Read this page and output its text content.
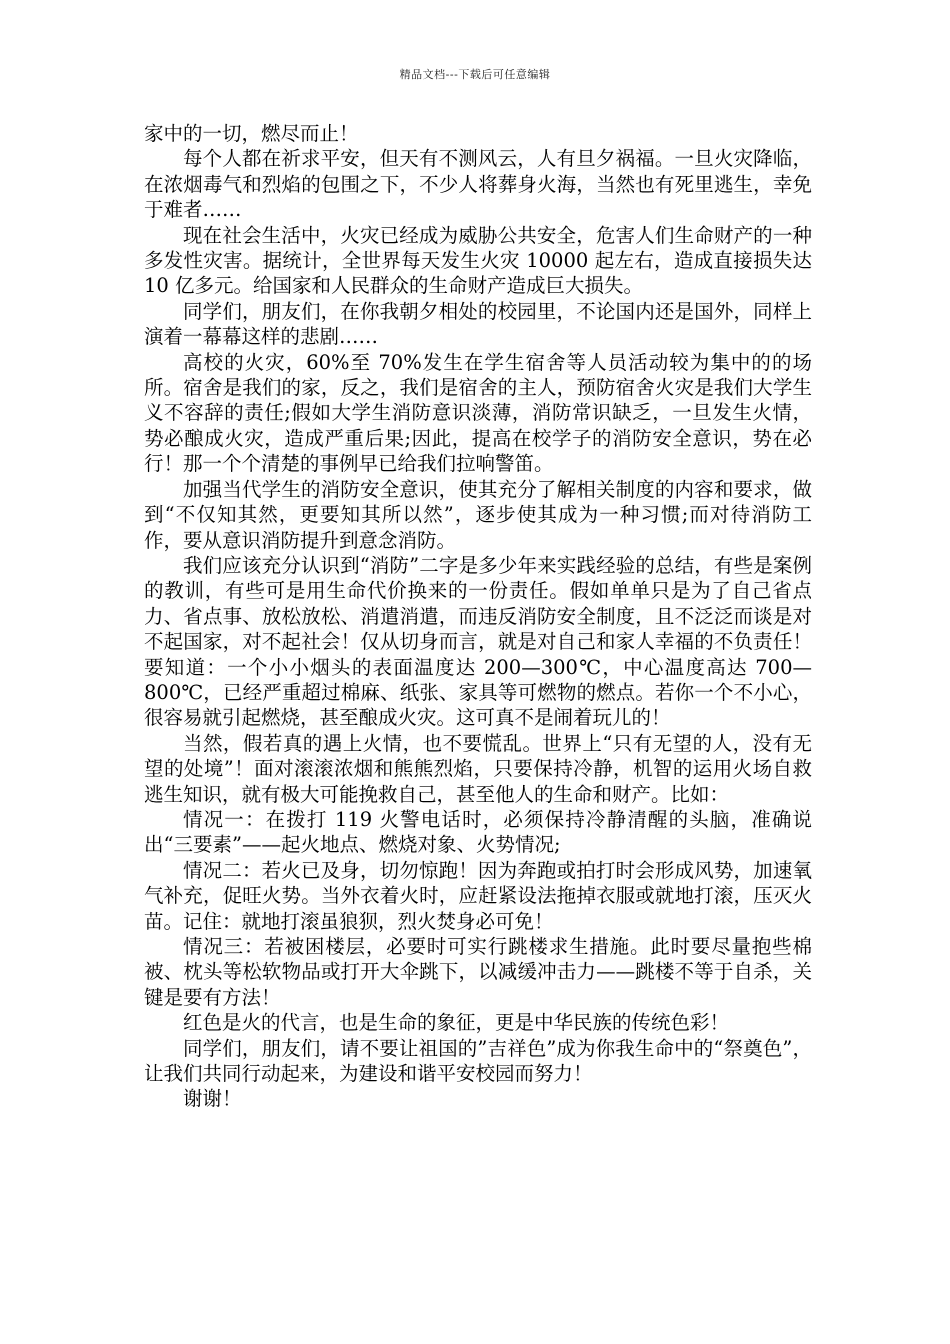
精品文档---下载后可任意编辑

家中的一切，燃尽而止！

每个人都在祈求平安，但天有不测风云，人有旦夕祸福。一旦火灾降临，在浓烟毒气和烈焰的包围之下，不少人将葬身火海，当然也有死里逃生，幸免于难者……

现在社会生活中，火灾已经成为威胁公共安全，危害人们生命财产的一种多发性灾害。据统计，全世界每天发生火灾 10000 起左右，造成直接损失达 10 亿多元。给国家和人民群众的生命财产造成巨大损失。

同学们，朋友们，在你我朝夕相处的校园里，不论国内还是国外，同样上演着一幕幕这样的悲剧……

高校的火灾，60%至 70%发生在学生宿舍等人员活动较为集中的的场所。宿舍是我们的家，反之，我们是宿舍的主人，预防宿舍火灾是我们大学生义不容辞的责任;假如大学生消防意识淡薄，消防常识缺乏，一旦发生火情，势必酿成火灾，造成严重后果;因此，提高在校学子的消防安全意识，势在必行！那一个个清楚的事例早已给我们拉响警笛。

加强当代学生的消防安全意识，使其充分了解相关制度的内容和要求，做到“不仅知其然，更要知其所以然”，逐步使其成为一种习惯;而对待消防工作，要从意识消防提升到意念消防。

我们应该充分认识到“消防”二字是多少年来实践经验的总结，有些是案例的教训，有些可是用生命代价换来的一份责任。假如单单只是为了自己省点力、省点事、放松放松、消遣消遣，而违反消防安全制度，且不泛泛而谈是对不起国家，对不起社会！仅从切身而言，就是对自己和家人幸福的不负责任！要知道：一个小小烟头的表面温度达 200—300℃，中心温度高达 700—800℃，已经严重超过棉麻、纸张、家具等可燃物的燃点。若你一个不小心，很容易就引起燃烧，甚至酿成火灾。这可真不是闹着玩儿的！

当然，假若真的遇上火情，也不要慌乱。世界上“只有无望的人，没有无望的处境”！面对滚滚浓烟和熊熊烈焰，只要保持冷静，机智的运用火场自救逃生知识，就有极大可能挽救自己，甚至他人的生命和财产。比如：

情况一：在拨打 119 火警电话时，必须保持冷静清醒的头脑，准确说出“三要素”——起火地点、燃烧对象、火势情况;

情况二：若火已及身，切勿惊跑！因为奔跑或拍打时会形成风势，加速氧气补充，促旺火势。当外衣着火时，应赶紧设法拖掉衣服或就地打滚，压灭火苗。记住：就地打滚虽狼狈，烈火焚身必可免！

情况三：若被困楼层，必要时可实行跳楼求生措施。此时要尽量抱些棉被、枕头等松软物品或打开大伞跳下，以减缓冲击力——跳楼不等于自杀，关键是要有方法！

红色是火的代言，也是生命的象征，更是中华民族的传统色彩！

同学们，朋友们，请不要让祖国的”吉祥色”成为你我生命中的“祭奠色”，让我们共同行动起来，为建设和谐平安校园而努力！

谢谢！
